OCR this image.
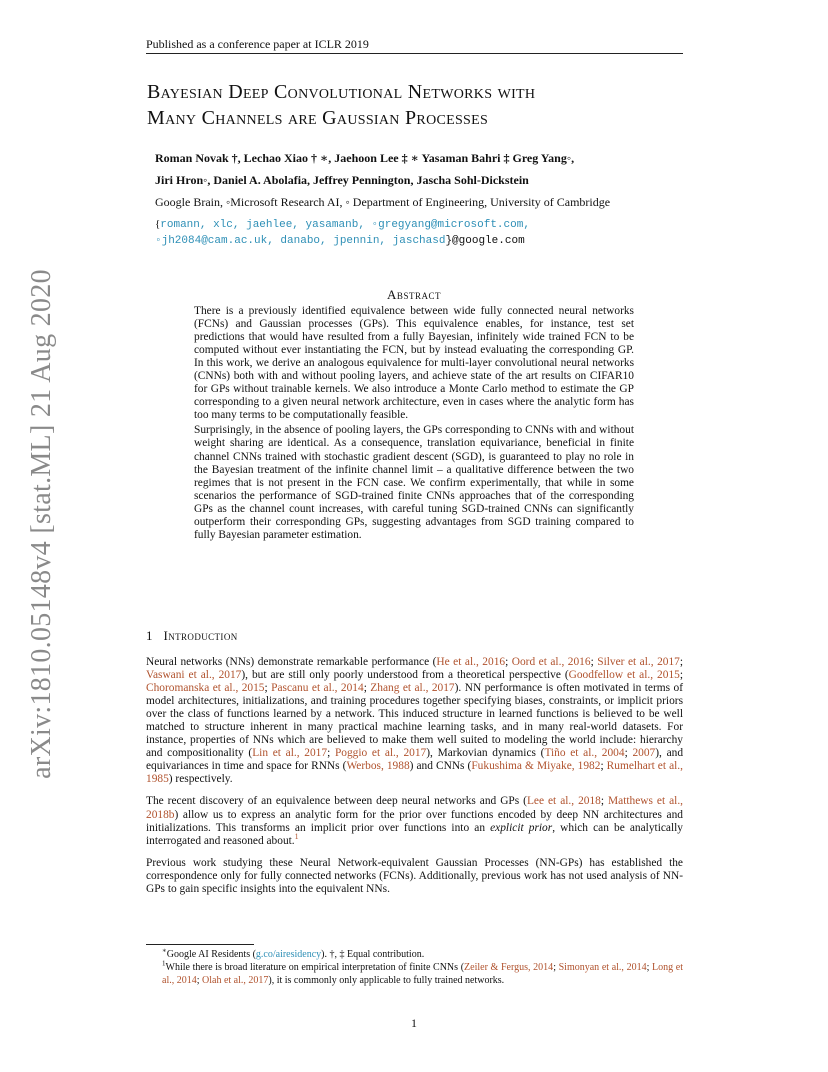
Published as a conference paper at ICLR 2019
arXiv:1810.05148v4 [stat.ML] 21 Aug 2020
Bayesian Deep Convolutional Networks with
Many Channels are Gaussian Processes
Roman Novak †, Lechao Xiao † ∗, Jaehoon Lee ‡ ∗ Yasaman Bahri ‡ Greg Yang◦,
Jiri Hron◦, Daniel A. Abolafia, Jeffrey Pennington, Jascha Sohl-Dickstein
Google Brain, ◦Microsoft Research AI, ◦ Department of Engineering, University of Cambridge
{romann, xlc, jaehlee, yasamanb, ◦gregyang@microsoft.com,
◦jh2084@cam.ac.uk, danabo, jpennin, jaschasd}@google.com
Abstract

There is a previously identified equivalence between wide fully connected neural networks (FCNs) and Gaussian processes (GPs). This equivalence enables, for instance, test set predictions that would have resulted from a fully Bayesian, infinitely wide trained FCN to be computed without ever instantiating the FCN, but by instead evaluating the corresponding GP. In this work, we derive an analogous equivalence for multi-layer convolutional neural networks (CNNs) both with and without pooling layers, and achieve state of the art results on CIFAR10 for GPs without trainable kernels. We also introduce a Monte Carlo method to estimate the GP corresponding to a given neural network architecture, even in cases where the analytic form has too many terms to be computationally feasible.

Surprisingly, in the absence of pooling layers, the GPs corresponding to CNNs with and without weight sharing are identical. As a consequence, translation equivariance, beneficial in finite channel CNNs trained with stochastic gradient descent (SGD), is guaranteed to play no role in the Bayesian treatment of the infinite channel limit – a qualitative difference between the two regimes that is not present in the FCN case. We confirm experimentally, that while in some scenarios the performance of SGD-trained finite CNNs approaches that of the corresponding GPs as the channel count increases, with careful tuning SGD-trained CNNs can significantly outperform their corresponding GPs, suggesting advantages from SGD training compared to fully Bayesian parameter estimation.

1 Introduction

Neural networks (NNs) demonstrate remarkable performance (He et al., 2016; Oord et al., 2016; Silver et al., 2017; Vaswani et al., 2017), but are still only poorly understood from a theoretical perspective (Goodfellow et al., 2015; Choromanska et al., 2015; Pascanu et al., 2014; Zhang et al., 2017). NN performance is often motivated in terms of model architectures, initializations, and training procedures together specifying biases, constraints, or implicit priors over the class of functions learned by a network. This induced structure in learned functions is believed to be well matched to structure inherent in many practical machine learning tasks, and in many real-world datasets. For instance, properties of NNs which are believed to make them well suited to modeling the world include: hierarchy and compositionality (Lin et al., 2017; Poggio et al., 2017), Markovian dynamics (Tiño et al., 2004; 2007), and equivariances in time and space for RNNs (Werbos, 1988) and CNNs (Fukushima & Miyake, 1982; Rumelhart et al., 1985) respectively.

The recent discovery of an equivalence between deep neural networks and GPs (Lee et al., 2018; Matthews et al., 2018b) allow us to express an analytic form for the prior over functions encoded by deep NN architectures and initializations. This transforms an implicit prior over functions into an explicit prior, which can be analytically interrogated and reasoned about.$^1$

Previous work studying these Neural Network-equivalent Gaussian Processes (NN-GPs) has established the correspondence only for fully connected networks (FCNs). Additionally, previous work has not used analysis of NN-GPs to gain specific insights into the equivalent NNs.

∗Google AI Residents (g.co/airesidency). †, ‡ Equal contribution.

$^1$While there is broad literature on empirical interpretation of finite CNNs (Zeiler & Fergus, 2014; Simonyan et al., 2014; Long et al., 2014; Olah et al., 2017), it is commonly only applicable to fully trained networks.

1
